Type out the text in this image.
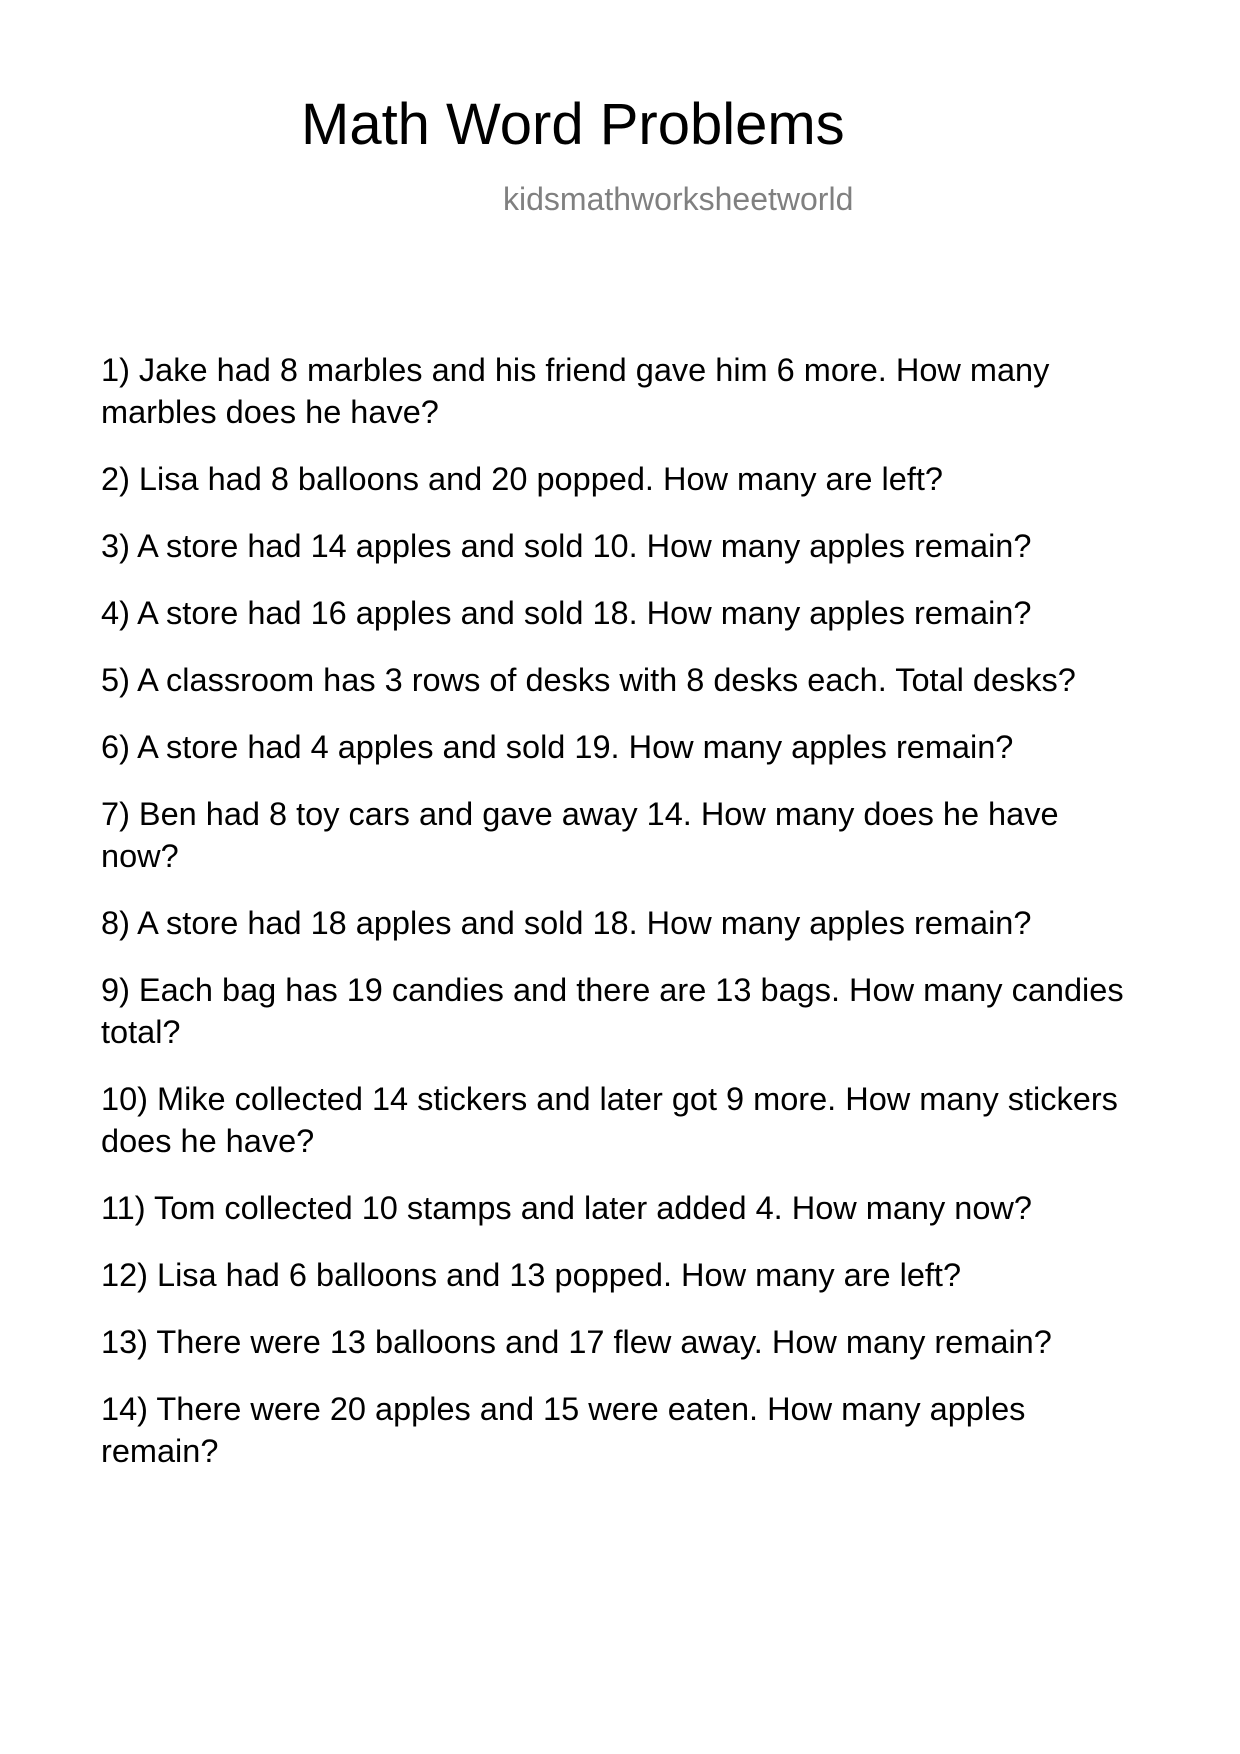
Math Word Problems
kidsmathworksheetworld
1) Jake had 8 marbles and his friend gave him 6 more. How many marbles does he have?
2) Lisa had 8 balloons and 20 popped. How many are left?
3) A store had 14 apples and sold 10. How many apples remain?
4) A store had 16 apples and sold 18. How many apples remain?
5) A classroom has 3 rows of desks with 8 desks each. Total desks?
6) A store had 4 apples and sold 19. How many apples remain?
7) Ben had 8 toy cars and gave away 14. How many does he have now?
8) A store had 18 apples and sold 18. How many apples remain?
9) Each bag has 19 candies and there are 13 bags. How many candies total?
10) Mike collected 14 stickers and later got 9 more. How many stickers does he have?
11) Tom collected 10 stamps and later added 4. How many now?
12) Lisa had 6 balloons and 13 popped. How many are left?
13) There were 13 balloons and 17 flew away. How many remain?
14) There were 20 apples and 15 were eaten. How many apples remain?
